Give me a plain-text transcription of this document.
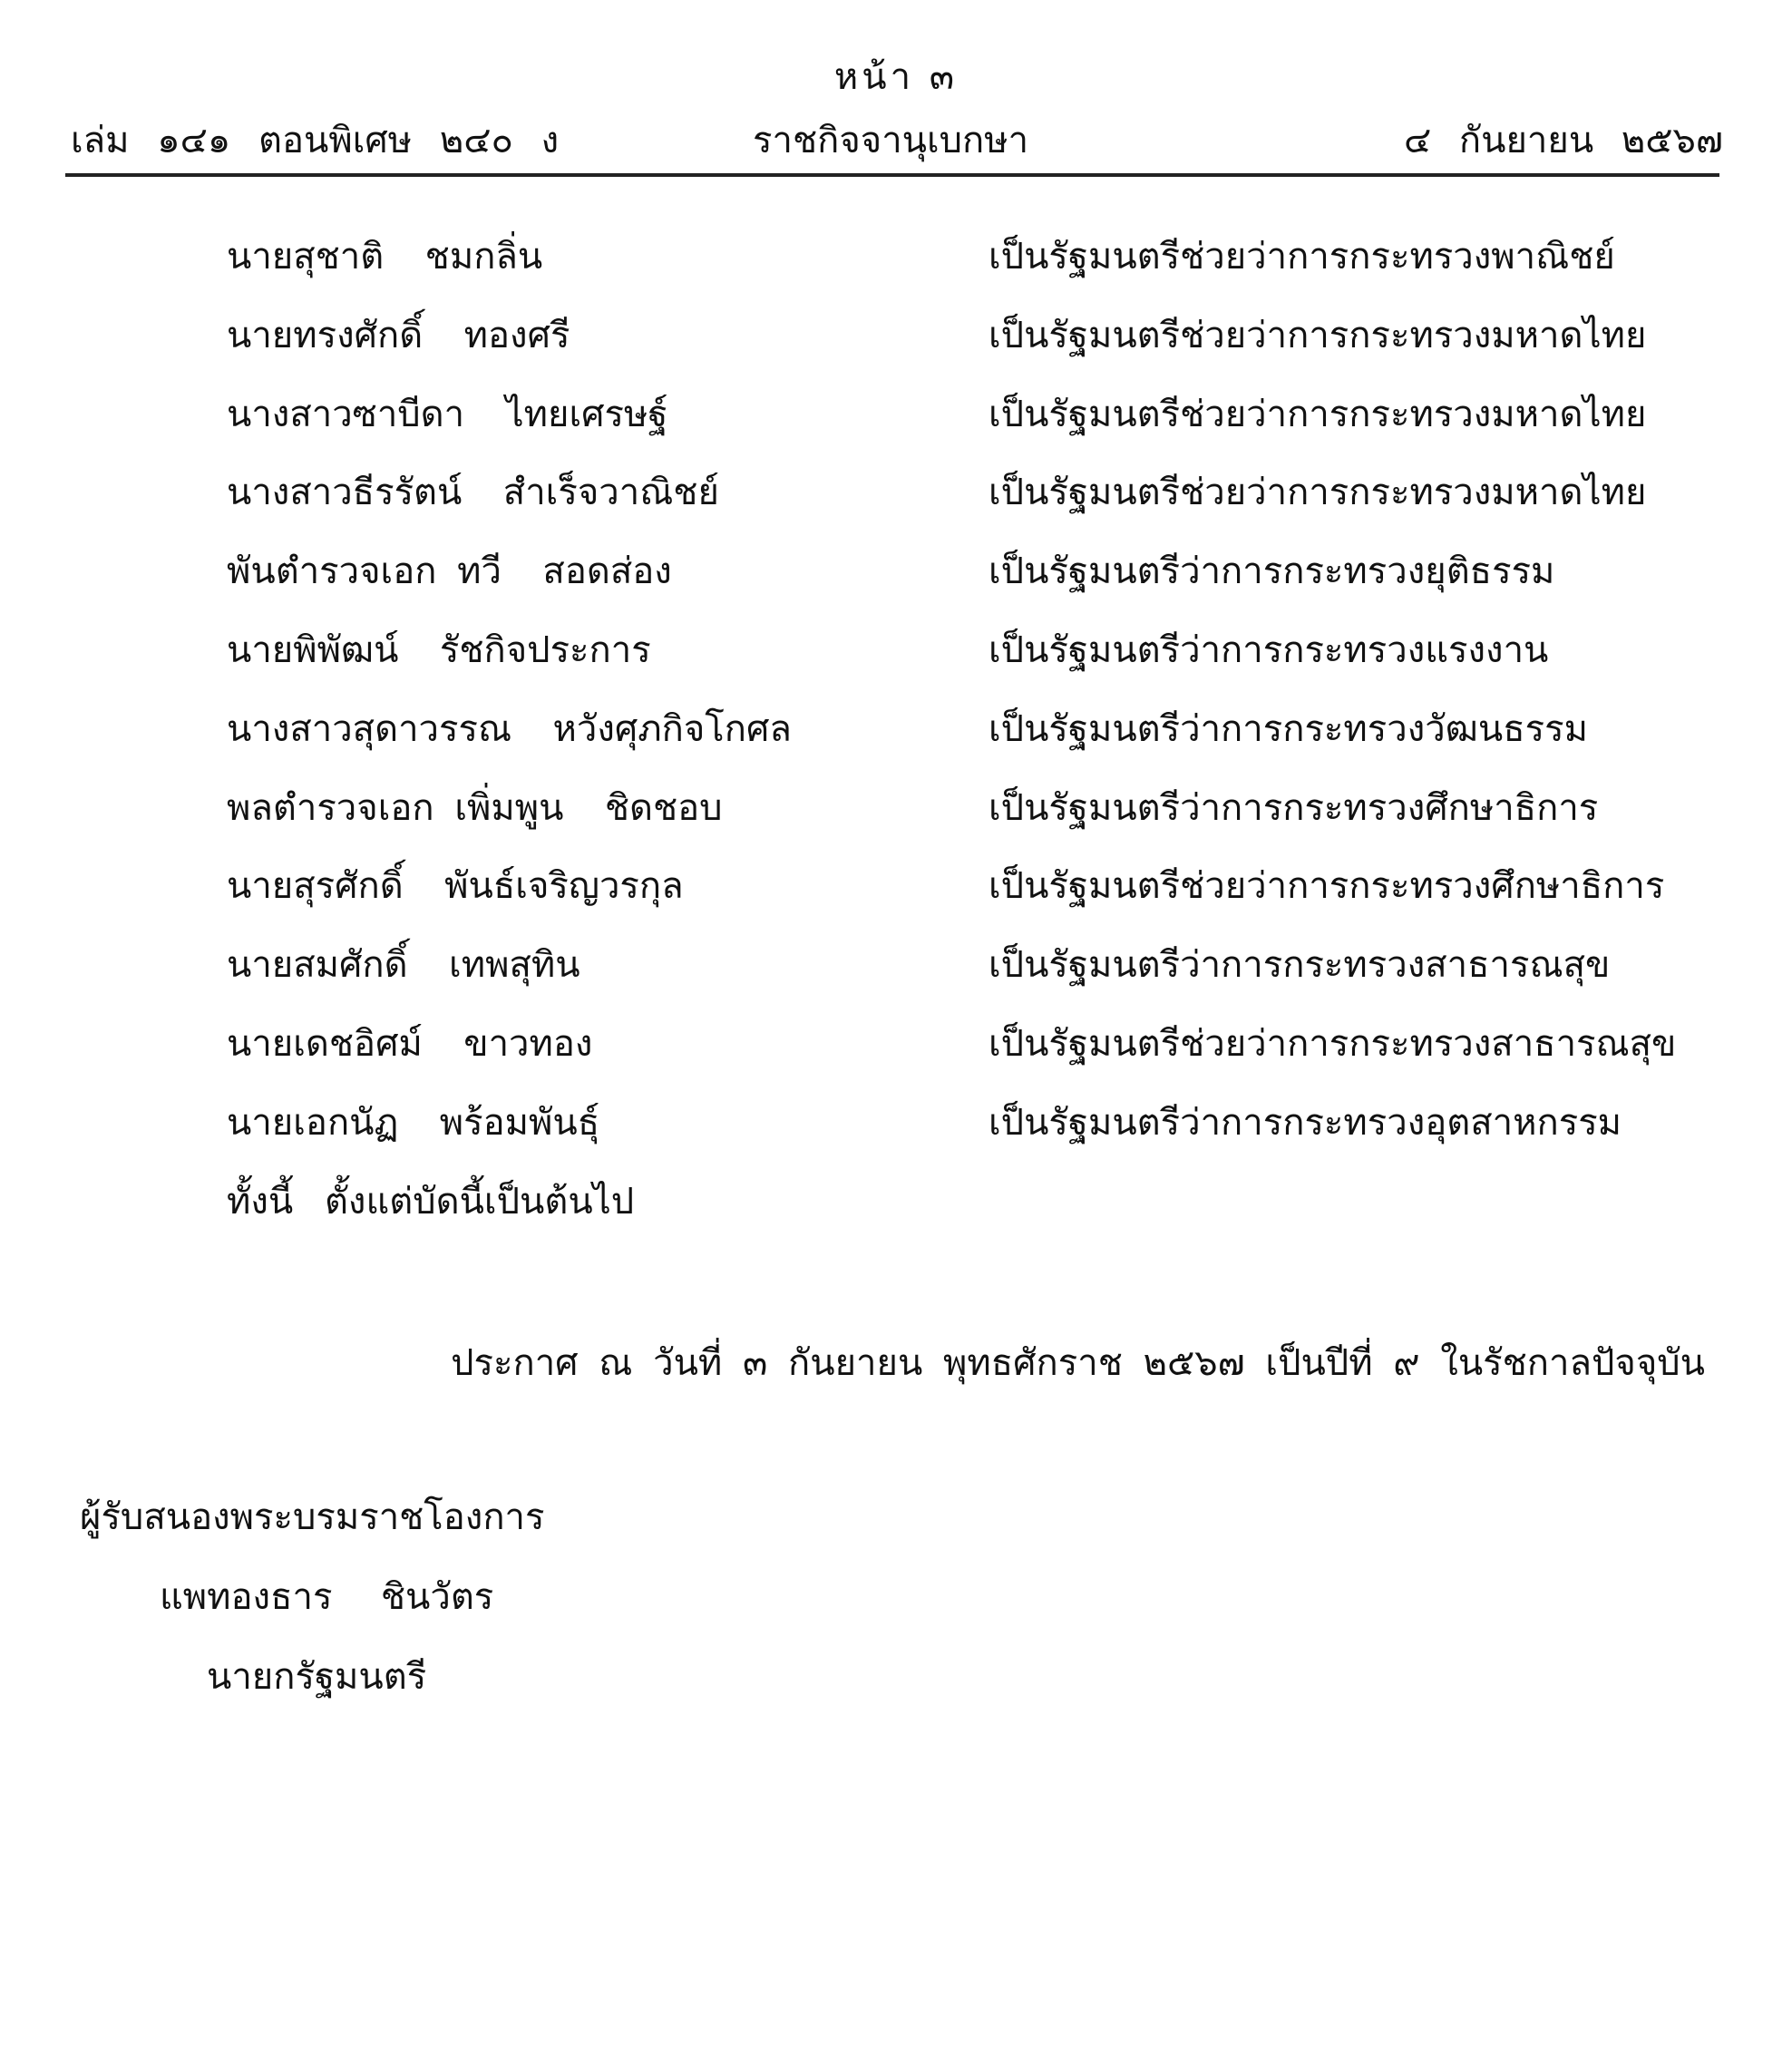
หน้า ๓
เล่ม ๑๔๑ ตอนพิเศษ ๒๔๐ ง	ราชกิจจานุเบกษา	๔ กันยายน ๒๕๖๗
นายสุชาติ  ชมกลิ่น	เป็นรัฐมนตรีช่วยว่าการกระทรวงพาณิชย์
นายทรงศักดิ์  ทองศรี	เป็นรัฐมนตรีช่วยว่าการกระทรวงมหาดไทย
นางสาวซาบีดา  ไทยเศรษฐ์	เป็นรัฐมนตรีช่วยว่าการกระทรวงมหาดไทย
นางสาวธีรรัตน์  สำเร็จวาณิชย์	เป็นรัฐมนตรีช่วยว่าการกระทรวงมหาดไทย
พันตำรวจเอก ทวี  สอดส่อง	เป็นรัฐมนตรีว่าการกระทรวงยุติธรรม
นายพิพัฒน์  รัชกิจประการ	เป็นรัฐมนตรีว่าการกระทรวงแรงงาน
นางสาวสุดาวรรณ  หวังศุภกิจโกศล	เป็นรัฐมนตรีว่าการกระทรวงวัฒนธรรม
พลตำรวจเอก เพิ่มพูน  ชิดชอบ	เป็นรัฐมนตรีว่าการกระทรวงศึกษาธิการ
นายสุรศักดิ์  พันธ์เจริญวรกุล	เป็นรัฐมนตรีช่วยว่าการกระทรวงศึกษาธิการ
นายสมศักดิ์  เทพสุทิน	เป็นรัฐมนตรีว่าการกระทรวงสาธารณสุข
นายเดชอิศม์  ขาวทอง	เป็นรัฐมนตรีช่วยว่าการกระทรวงสาธารณสุข
นายเอกนัฏ  พร้อมพันธุ์	เป็นรัฐมนตรีว่าการกระทรวงอุตสาหกรรม
ทั้งนี้ ตั้งแต่บัดนี้เป็นต้นไป
ประกาศ ณ วันที่ ๓ กันยายน พุทธศักราช ๒๕๖๗ เป็นปีที่ ๙ ในรัชกาลปัจจุบัน
ผู้รับสนองพระบรมราชโองการ
แพทองธาร  ชินวัตร
นายกรัฐมนตรี
